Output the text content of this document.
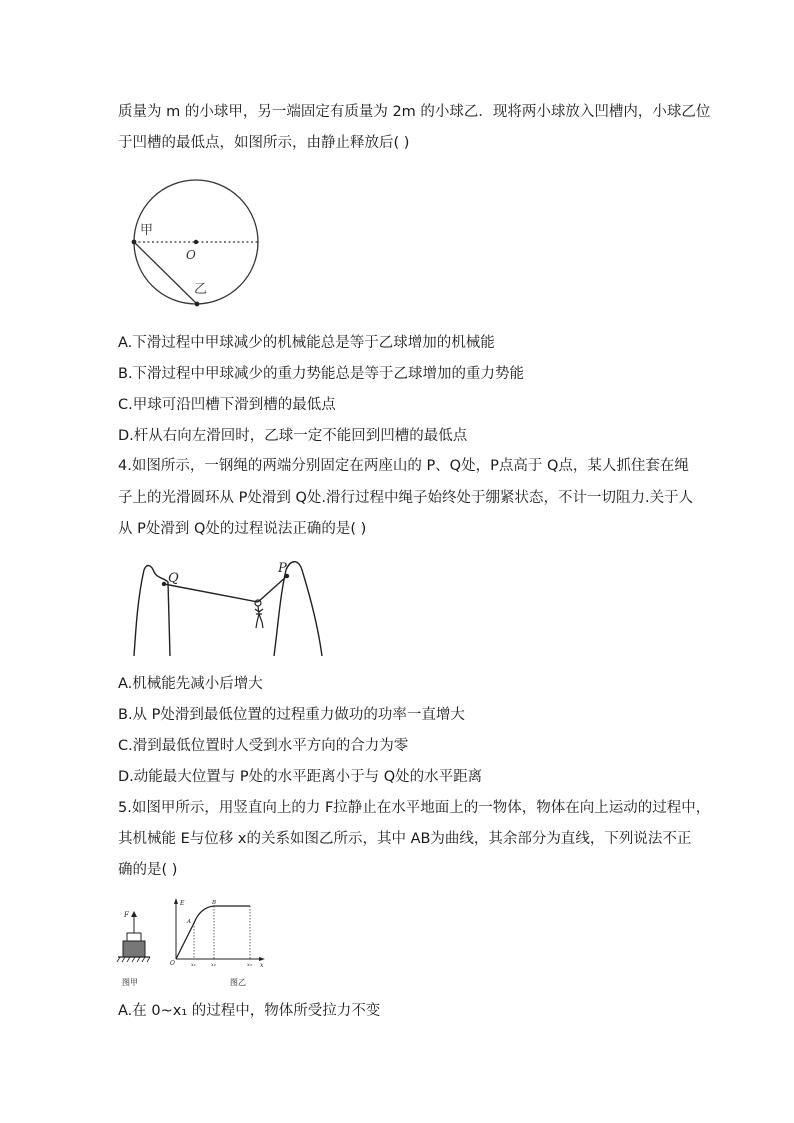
质量为 m 的小球甲，另一端固定有质量为 2m 的小球乙．现将两小球放入凹槽内，小球乙位
于凹槽的最低点，如图所示，由静止释放后( )
甲
O
乙
A.下滑过程中甲球减少的机械能总是等于乙球增加的机械能
B.下滑过程中甲球减少的重力势能总是等于乙球增加的重力势能
C.甲球可沿凹槽下滑到槽的最低点
D.杆从右向左滑回时，乙球一定不能回到凹槽的最低点
4.如图所示，一钢绳的两端分别固定在两座山的 P、Q处，P点高于 Q点，某人抓住套在绳
子上的光滑圆环从 P处滑到 Q处.滑行过程中绳子始终处于绷紧状态，不计一切阻力.关于人
从 P处滑到 Q处的过程说法正确的是( )
Q
P
A.机械能先减小后增大
B.从 P处滑到最低位置的过程重力做功的功率一直增大
C.滑到最低位置时人受到水平方向的合力为零
D.动能最大位置与 P处的水平距离小于与 Q处的水平距离
5.如图甲所示，用竖直向上的力 F拉静止在水平地面上的一物体，物体在向上运动的过程中，
其机械能 E与位移 x的关系如图乙所示，其中 AB为曲线，其余部分为直线，下列说法不正
确的是( )
F
E
O	x
A
B
x₁	x₂	x₃
图甲	图乙
A.在 0~x₁ 的过程中，物体所受拉力不变
